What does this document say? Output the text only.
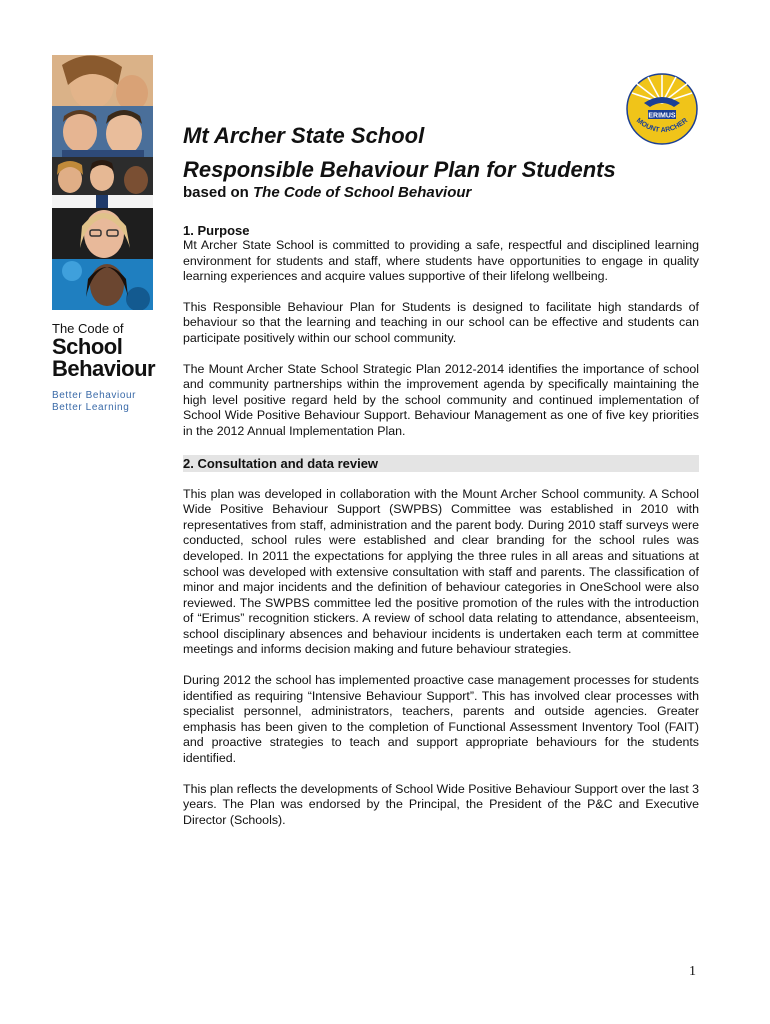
The Code of
School
Behaviour
Better Behaviour
Better Learning
ERIMUS
MOUNT ARCHER
Mt Archer State School
Responsible Behaviour Plan for Students
based on The Code of School Behaviour
1. Purpose

Mt Archer State School is committed to providing a safe, respectful and disciplined learning environment for students and staff, where students have opportunities to engage in quality learning experiences and acquire values supportive of their lifelong wellbeing.

This Responsible Behaviour Plan for Students is designed to facilitate high standards of behaviour so that the learning and teaching in our school can be effective and students can participate positively within our school community.

The Mount Archer State School Strategic Plan 2012-2014 identifies the importance of school and community partnerships within the improvement agenda by specifically maintaining the high level positive regard held by the school community and continued implementation of School Wide Positive Behaviour Support. Behaviour Management as one of five key priorities in the 2012 Annual Implementation Plan.

2. Consultation and data review

This plan was developed in collaboration with the Mount Archer School community. A School Wide Positive Behaviour Support (SWPBS) Committee was established in 2010 with representatives from staff, administration and the parent body. During 2010 staff surveys were conducted, school rules were established and clear branding for the school rules was developed. In 2011 the expectations for applying the three rules in all areas and situations at school was developed with extensive consultation with staff and parents. The classification of minor and major incidents and the definition of behaviour categories in OneSchool were also reviewed. The SWPBS committee led the positive promotion of the rules with the introduction of “Erimus” recognition stickers. A review of school data relating to attendance, absenteeism, school disciplinary absences and behaviour incidents is undertaken each term at committee meetings and informs decision making and future behaviour strategies.

During 2012 the school has implemented proactive case management processes for students identified as requiring “Intensive Behaviour Support”. This has involved clear processes with specialist personnel, administrators, teachers, parents and outside agencies. Greater emphasis has been given to the completion of Functional Assessment Inventory Tool (FAIT) and proactive strategies to teach and support appropriate behaviours for the students identified.

This plan reflects the developments of School Wide Positive Behaviour Support over the last 3 years. The Plan was endorsed by the Principal, the President of the P&C and Executive Director (Schools).

1
